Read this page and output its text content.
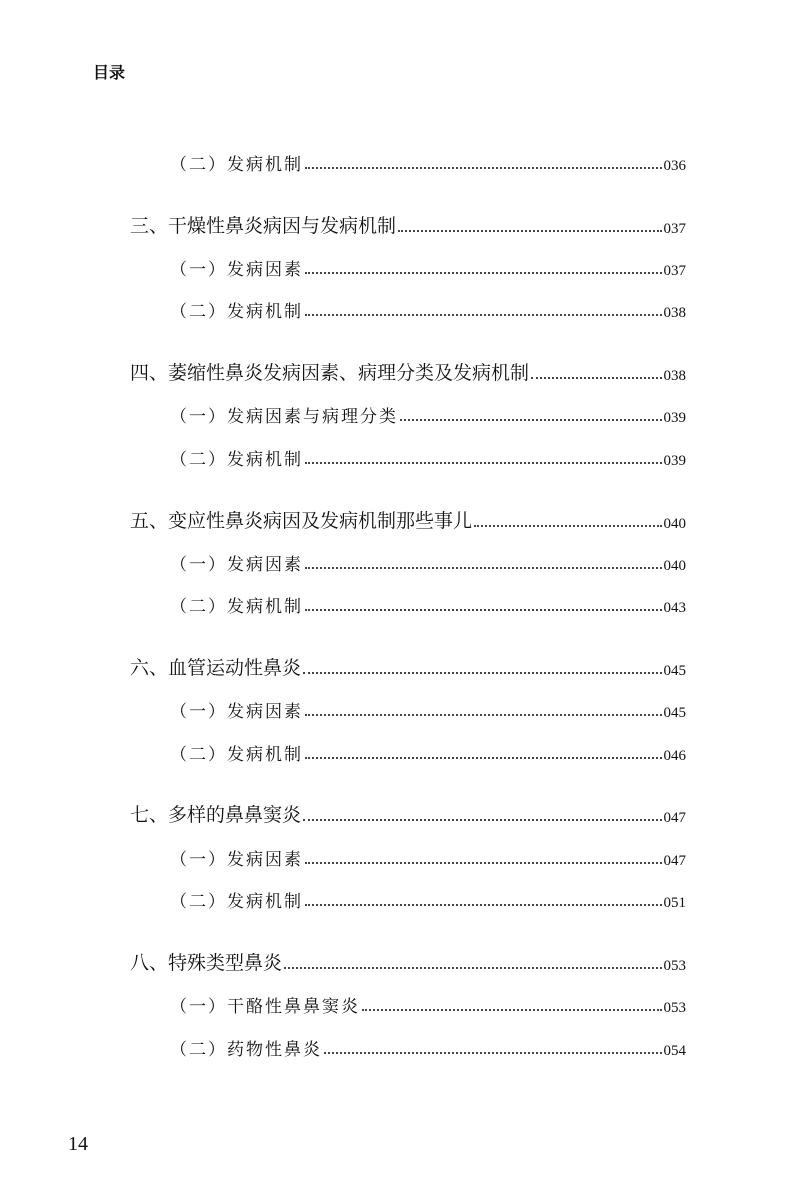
目录
（二）发病机制	036
三、干燥性鼻炎病因与发病机制	037
（一）发病因素	037
（二）发病机制	038
四、萎缩性鼻炎发病因素、病理分类及发病机制	038
（一）发病因素与病理分类	039
（二）发病机制	039
五、变应性鼻炎病因及发病机制那些事儿	040
（一）发病因素	040
（二）发病机制	043
六、血管运动性鼻炎	045
（一）发病因素	045
（二）发病机制	046
七、多样的鼻鼻窦炎	047
（一）发病因素	047
（二）发病机制	051
八、特殊类型鼻炎	053
（一）干酪性鼻鼻窦炎	053
（二）药物性鼻炎	054
14
